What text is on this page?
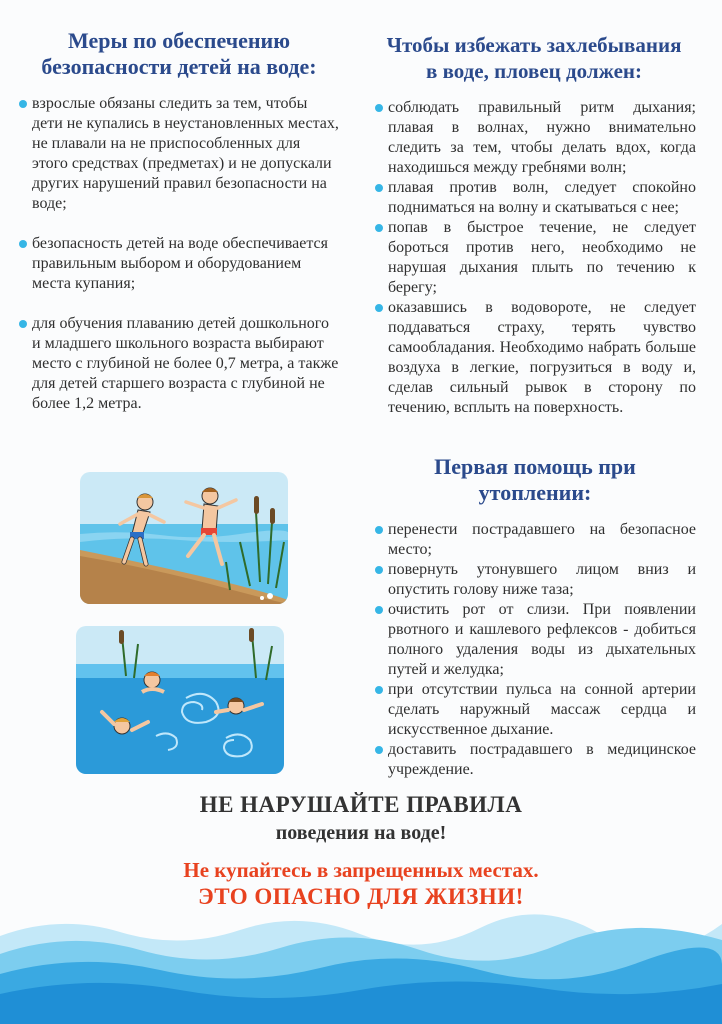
Меры по обеспечению
безопасности детей на воде:
взрослые обязаны следить за тем, чтобы дети не купались в неустановленных местах, не плавали на не приспособленных для этого средствах (предметах) и не допускали других нарушений правил безопасности на воде;
безопасность детей на воде обеспечивается правильным выбором и оборудованием места купания;
для обучения плаванию детей дошкольного и младшего школьного возраста выбирают место с глубиной не более 0,7 метра, а также для детей старшего возраста с глубиной не более 1,2 метра.
Чтобы избежать захлебывания
в воде, пловец должен:
соблюдать правильный ритм дыхания; плавая в волнах, нужно внимательно следить за тем, чтобы делать вдох, когда находишься между гребнями волн;
плавая против волн, следует спокойно подниматься на волну и скатываться с нее;
попав в быстрое течение, не следует бороться против него, необходимо не нарушая дыхания плыть по течению к берегу;
оказавшись в водовороте, не следует поддаваться страху, терять чувство самообладания. Необходимо набрать больше воздуха в легкие, погрузиться в воду и, сделав сильный рывок в сторону по течению, всплыть на поверхность.
Первая помощь при
утоплении:
перенести пострадавшего на безопасное место;
повернуть утонувшего лицом вниз и опустить голову ниже таза;
очистить рот от слизи. При появлении рвотного и кашлевого рефлексов - добиться полного удаления воды из дыхательных путей и желудка;
при отсутствии пульса на сонной артерии сделать наружный массаж сердца и искусственное дыхание.
доставить пострадавшего в медицинское учреждение.
НЕ НАРУШАЙТЕ ПРАВИЛА
поведения на воде!
Не купайтесь в запрещенных местах.
ЭТО ОПАСНО ДЛЯ ЖИЗНИ!
